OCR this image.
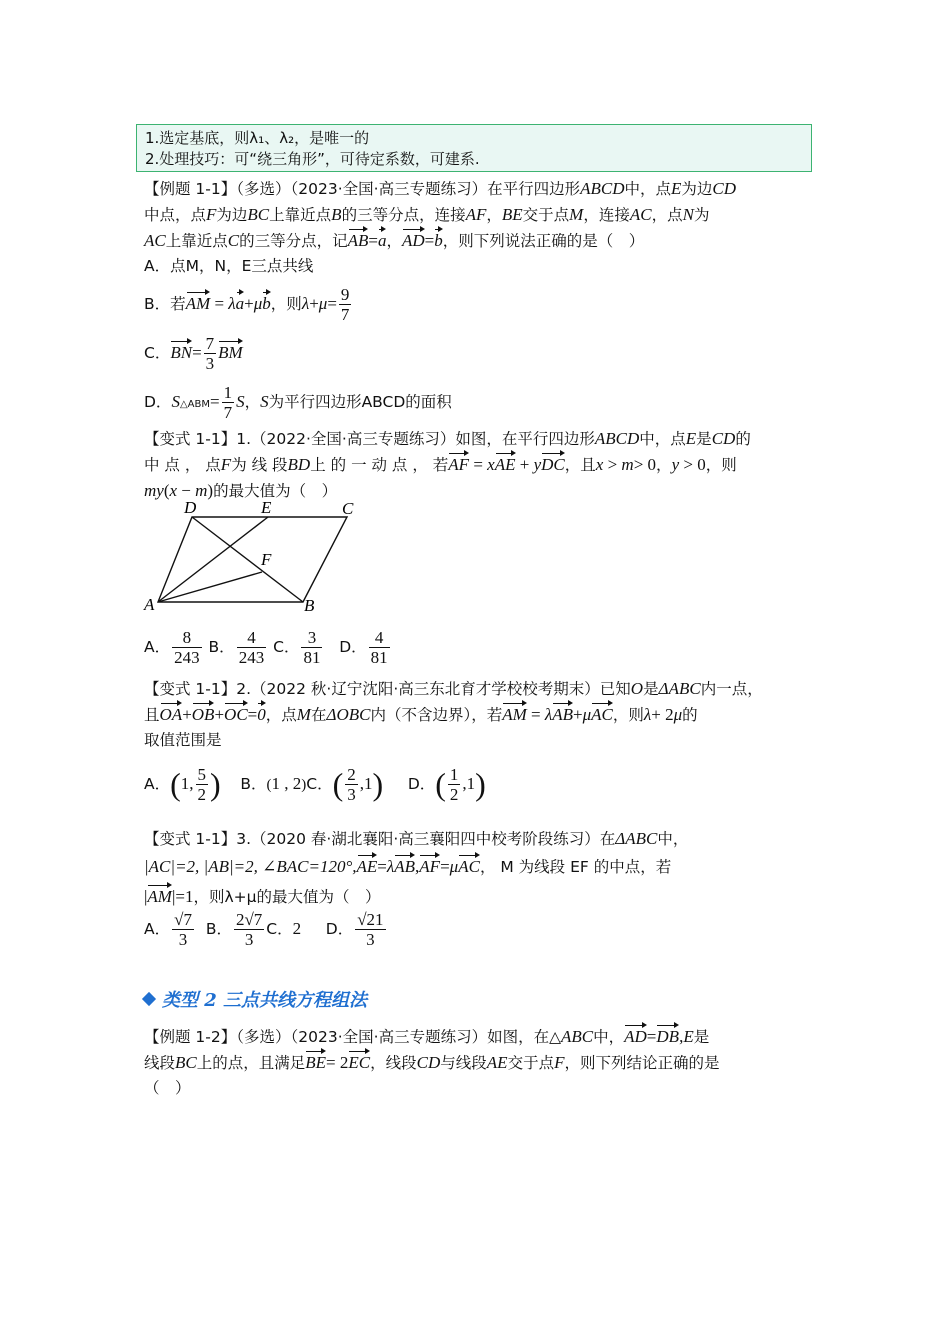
1.选定基底，则λ₁、λ₂，是唯一的
2.处理技巧：可“绕三角形”，可待定系数，可建系.
【例题 1-1】（多选）（2023·全国·高三专题练习）在平行四边形ABCD中，点E为边CD
中点，点F为边BC上靠近点B的三等分点，连接AF，BE交于点M，连接AC，点N为
AC上靠近点C的三等分点，记AB=a，AD=b，则下列说法正确的是（　）
A．点M，N，E三点共线
B．若AM = λa+μb，则$\lambda+\mu= \frac{9}{7}$
C．$BN= \frac{7}{3}$ BM
D．S△ABM= $\frac{1}{7}$ S，S为平行四边形ABCD的面积
【变式 1-1】1.（2022·全国·高三专题练习）如图，在平行四边形ABCD中，点E是CD的
中 点 ， 点F为 线 段BD上 的 一 动 点 ， 若AF = xAE + yDC，且x > m> 0，y > 0，则
my(x − m)的最大值为（　）
D	E	C
F
A	B
A． $\frac{8}{243}$ B． $\frac{4}{243}$ C． $\frac{3}{81}$ D． $\frac{4}{81}$
【变式 1-1】2.（2022 秋·辽宁沈阳·高三东北育才学校校考期末）已知O是ΔABC内一点，
且OA+OB+OC=0，点M在ΔOBC内（不含边界），若AM = λAB+μAC，则λ+ 2μ的
取值范围是
A．(1, $\frac{5}{2}$ ) B．(1 , 2)C．( $\frac{2}{3} ,1$) D．( $\frac{1}{2} ,1$)
【变式 1-1】3.（2020 春·湖北襄阳·高三襄阳四中校考阶段练习）在ΔABC中，
|AC|=2, |AB|=2, ∠BAC=120°,AE=λAB,AF=μAC， M 为线段 EF 的中点，若
|AM|=1，则λ+μ的最大值为（　）
A． $\frac{√7}{3}$ B． $\frac{2√7}{3}$ C．2 D． $\frac{√21}{3}$
类型 2 三点共线方程组法
【例题 1-2】（多选）（2023·全国·高三专题练习）如图，在△ABC中，AD=DB,E是
线段BC上的点，且满足BE= 2EC，线段CD与线段AE交于点F，则下列结论正确的是
（　）
